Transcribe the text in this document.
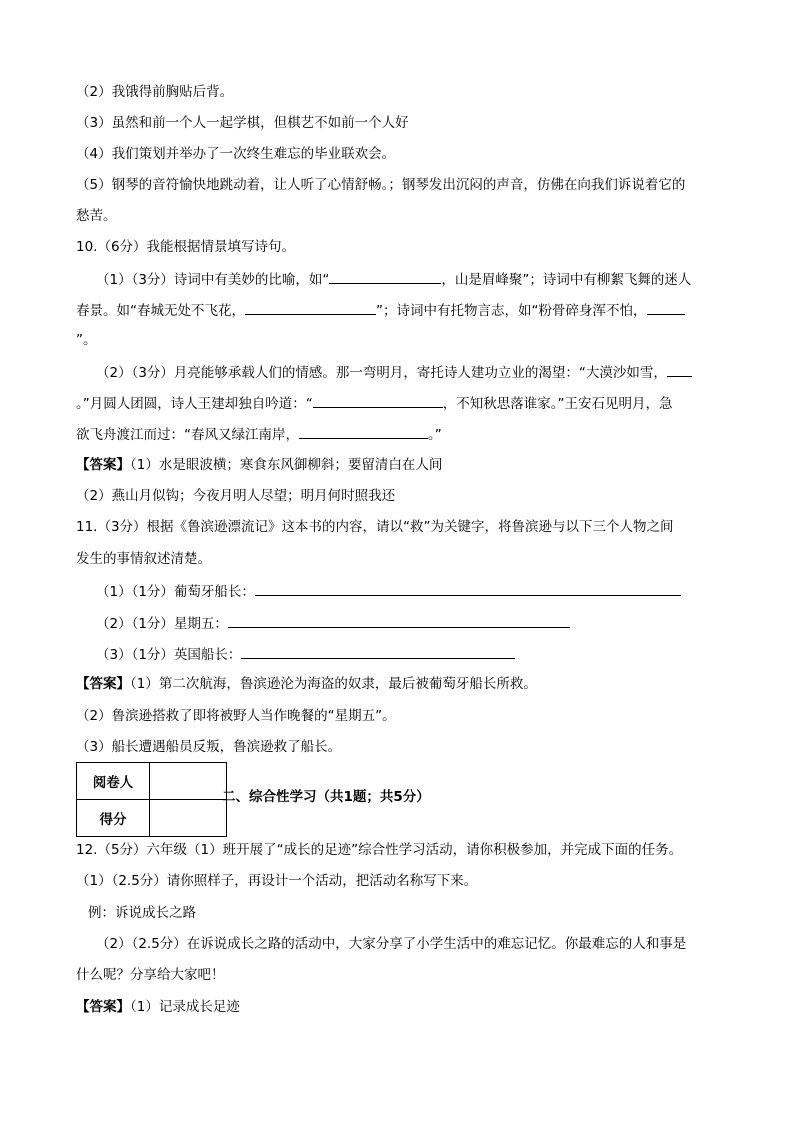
（2）我饿得前胸贴后背。
（3）虽然和前一个人一起学棋，但棋艺不如前一个人好
（4）我们策划并举办了一次终生难忘的毕业联欢会。
（5）钢琴的音符愉快地跳动着，让人听了心情舒畅。；钢琴发出沉闷的声音，仿佛在向我们诉说着它的
愁苦。
10.（6分）我能根据情景填写诗句。
（1）（3分）诗词中有美妙的比喻，如“	，山是眉峰聚”；诗词中有柳絮飞舞的迷人
春景。如“春城无处不飞花，	”；诗词中有托物言志，如“粉骨碎身浑不怕，
”。
（2）（3分）月亮能够承载人们的情感。那一弯明月，寄托诗人建功立业的渴望：“大漠沙如雪，
。”月圆人团圆，诗人王建却独自吟道：“	，不知秋思落谁家。”王安石见明月，急
欲飞舟渡江而过：“春风又绿江南岸，	。”
【答案】（1）水是眼波横；寒食东风御柳斜；要留清白在人间
（2）燕山月似钩；今夜月明人尽望；明月何时照我还
11.（3分）根据《鲁滨逊漂流记》这本书的内容，请以“救”为关键字，将鲁滨逊与以下三个人物之间
发生的事情叙述清楚。
（1）（1分）葡萄牙船长：
（2）（1分）星期五：
（3）（1分）英国船长：
【答案】（1）第二次航海，鲁滨逊沦为海盗的奴隶，最后被葡萄牙船长所救。
（2）鲁滨逊搭救了即将被野人当作晚餐的“星期五”。
（3）船长遭遇船员反叛，鲁滨逊救了船长。
阅卷人	
得分	
二、综合性学习（共1题；共5分）
12.（5分）六年级（1）班开展了“成长的足迹”综合性学习活动，请你积极参加，并完成下面的任务。
（1）（2.5分）请你照样子，再设计一个活动，把活动名称写下来。
例：诉说成长之路
（2）（2.5分）在诉说成长之路的活动中，大家分享了小学生活中的难忘记忆。你最难忘的人和事是
什么呢？分享给大家吧！
【答案】（1）记录成长足迹
